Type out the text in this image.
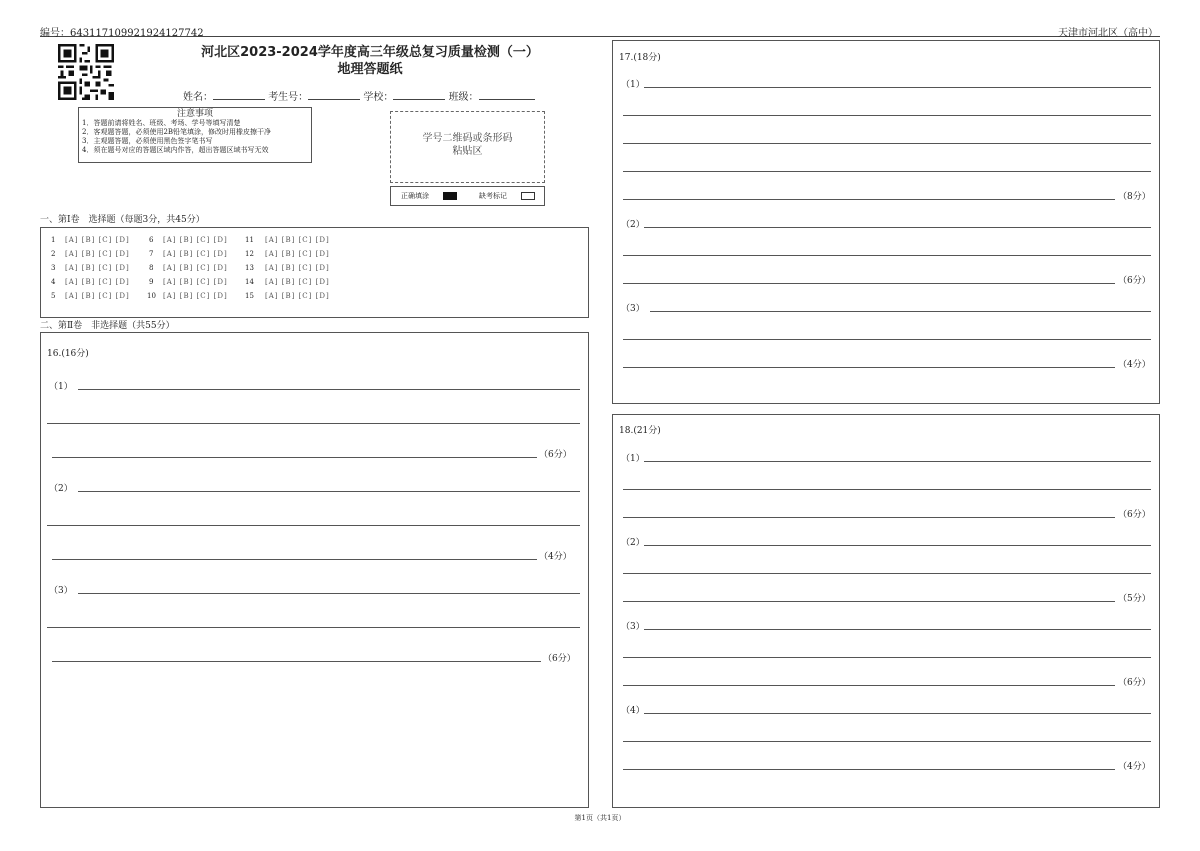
编号：643117109921924127742	天津市河北区（高中）
河北区2023-2024学年度高三年级总复习质量检测（一）
地理答题纸
姓名：	考生号：	学校：	班级：
注意事项
1．答题前请将姓名、班级、考场、学号等填写清楚
2．客观题答题，必须使用2B铅笔填涂，修改时用橡皮擦干净
3．主观题答题，必须使用黑色签字笔书写
4．须在题号对应的答题区域内作答，超出答题区域书写无效
学号二维码或条形码
粘贴区
正确填涂	缺考标记
一、第Ⅰ卷　选择题（每题3分，共45分）
1 [A] [B] [C] [D]	6 [A] [B] [C] [D] 11 [A] [B] [C] [D]
2 [A] [B] [C] [D]	7 [A] [B] [C] [D] 12 [A] [B] [C] [D]
3 [A] [B] [C] [D]	8 [A] [B] [C] [D] 13 [A] [B] [C] [D]
4 [A] [B] [C] [D]	9 [A] [B] [C] [D] 14 [A] [B] [C] [D]
5 [A] [B] [C] [D] 10 [A] [B] [C] [D] 15 [A] [B] [C] [D]
二、第Ⅱ卷　非选择题（共55分）
16.(16分)
（1）
（6分）
（2）
（4分）
（3）
（6分）
17.(18分)
（1）
（8分）
（2）
（6分）
（3）
（4分）
18.(21分)
（1）
（6分）
（2）
（5分）
（3）
（6分）
（4）
（4分）
第1页（共1页）
